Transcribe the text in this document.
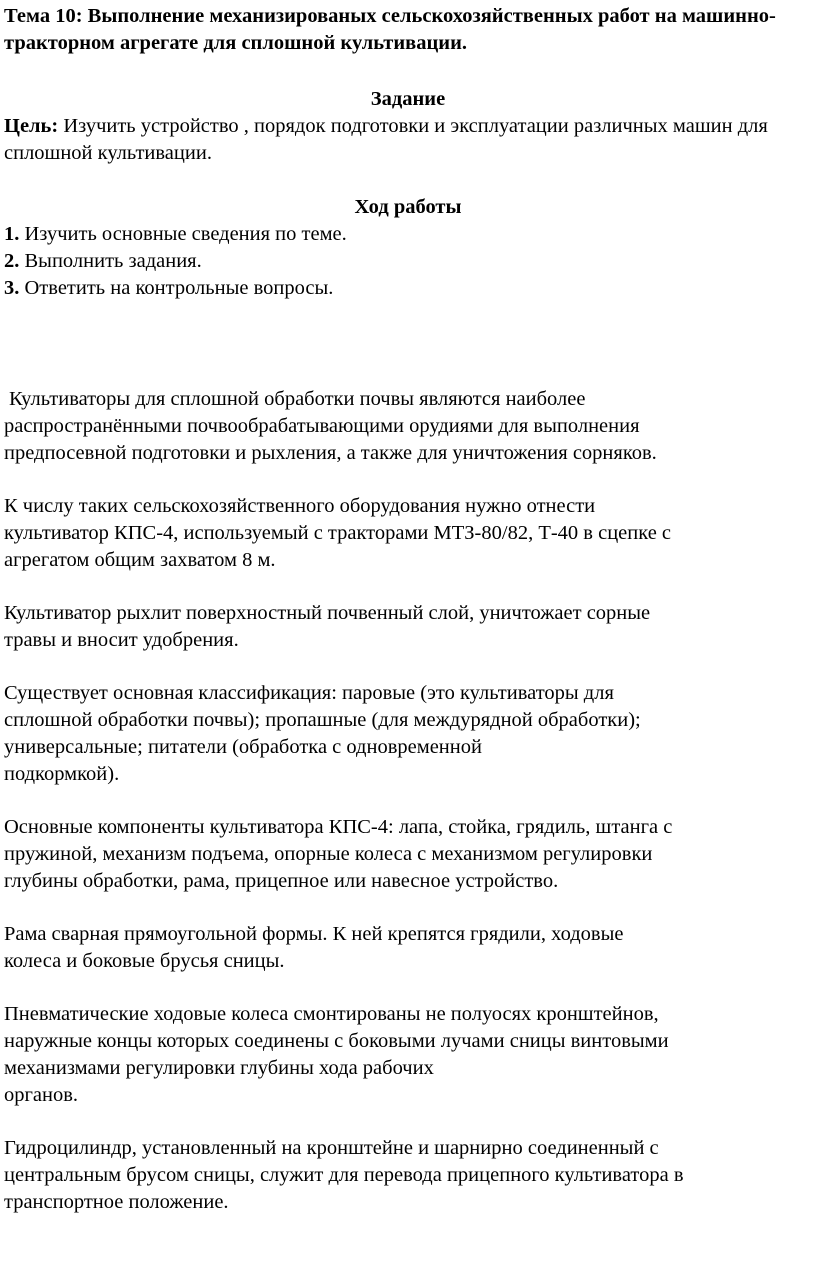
Тема 10: Выполнение механизированых сельскохозяйственных работ на машинно-тракторном агрегате для сплошной культивации.

Задание

Цель: Изучить устройство , порядок подготовки и эксплуатации различных машин для сплошной культивации.

Ход работы

1. Изучить основные сведения по теме.

2. Выполнить задания.

3. Ответить на контрольные вопросы.

Культиваторы для сплошной обработки почвы являются наиболее
распространёнными почвообрабатывающими орудиями для выполнения
предпосевной подготовки и рыхления, а также для уничтожения сорняков.

К числу таких сельскохозяйственного оборудования нужно отнести
культиватор КПС-4, используемый с тракторами МТЗ-80/82, Т-40 в сцепке с
агрегатом общим захватом 8 м.

Культиватор рыхлит поверхностный почвенный слой, уничтожает сорные
травы и вносит удобрения.

Существует основная классификация: паровые (это культиваторы для
сплошной обработки почвы); пропашные (для междурядной обработки);
универсальные; питатели (обработка с одновременной
подкормкой).

Основные компоненты культиватора КПС-4: лапа, стойка, грядиль, штанга с
пружиной, механизм подъема, опорные колеса с механизмом регулировки
глубины обработки, рама, прицепное или навесное устройство.

Рама сварная прямоугольной формы. К ней крепятся грядили, ходовые
колеса и боковые брусья сницы.

Пневматические ходовые колеса смонтированы не полуосях кронштейнов,
наружные концы которых соединены с боковыми лучами сницы винтовыми
механизмами регулировки глубины хода рабочих
органов.

Гидроцилиндр, установленный на кронштейне и шарнирно соединенный с
центральным брусом сницы, служит для перевода прицепного культиватора в
транспортное положение.
